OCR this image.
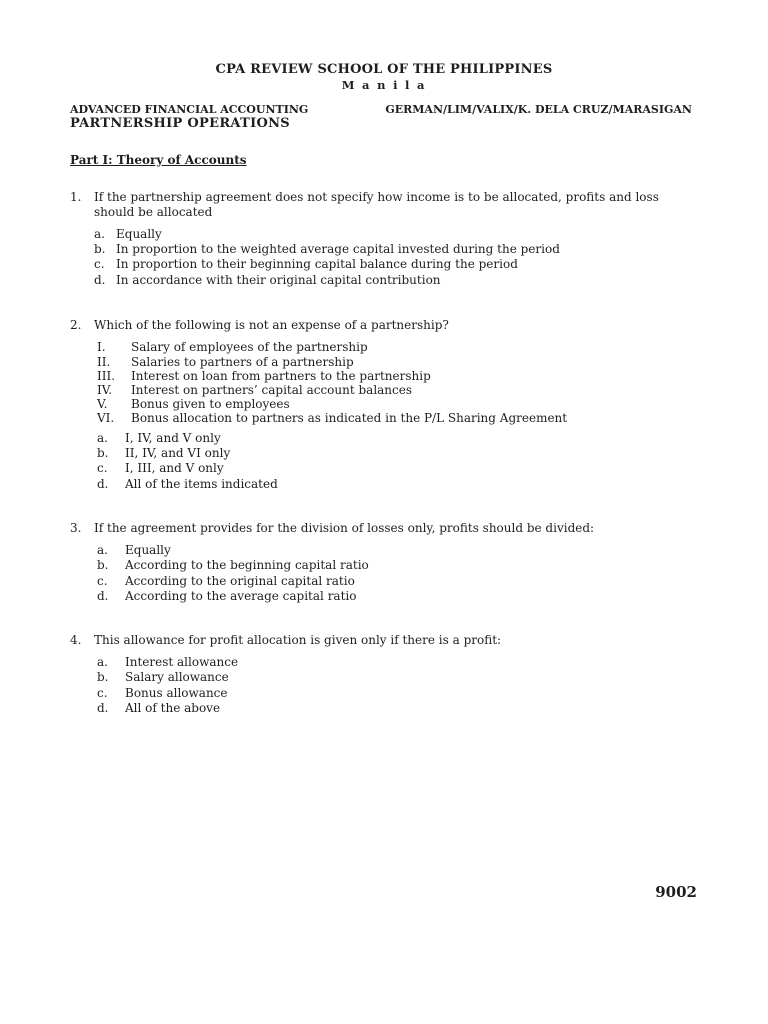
CPA REVIEW SCHOOL OF THE PHILIPPINES
M a n i l a
ADVANCED FINANCIAL ACCOUNTING	GERMAN/LIM/VALIX/K. DELA CRUZ/MARASIGAN
PARTNERSHIP OPERATIONS
Part I: Theory of Accounts
1. If the partnership agreement does not specify how income is to be allocated, profits and loss should be allocated
a. Equally
b. In proportion to the weighted average capital invested during the period
c. In proportion to their beginning capital balance during the period
d. In accordance with their original capital contribution
2. Which of the following is not an expense of a partnership?
I. Salary of employees of the partnership
II. Salaries to partners of a partnership
III. Interest on loan from partners to the partnership
IV. Interest on partners’ capital account balances
V. Bonus given to employees
VI. Bonus allocation to partners as indicated in the P/L Sharing Agreement
a. I, IV, and V only
b. II, IV, and VI only
c. I, III, and V only
d. All of the items indicated
3. If the agreement provides for the division of losses only, profits should be divided:
a. Equally
b. According to the beginning capital ratio
c. According to the original capital ratio
d. According to the average capital ratio
4. This allowance for profit allocation is given only if there is a profit:
a. Interest allowance
b. Salary allowance
c. Bonus allowance
d. All of the above
9002
